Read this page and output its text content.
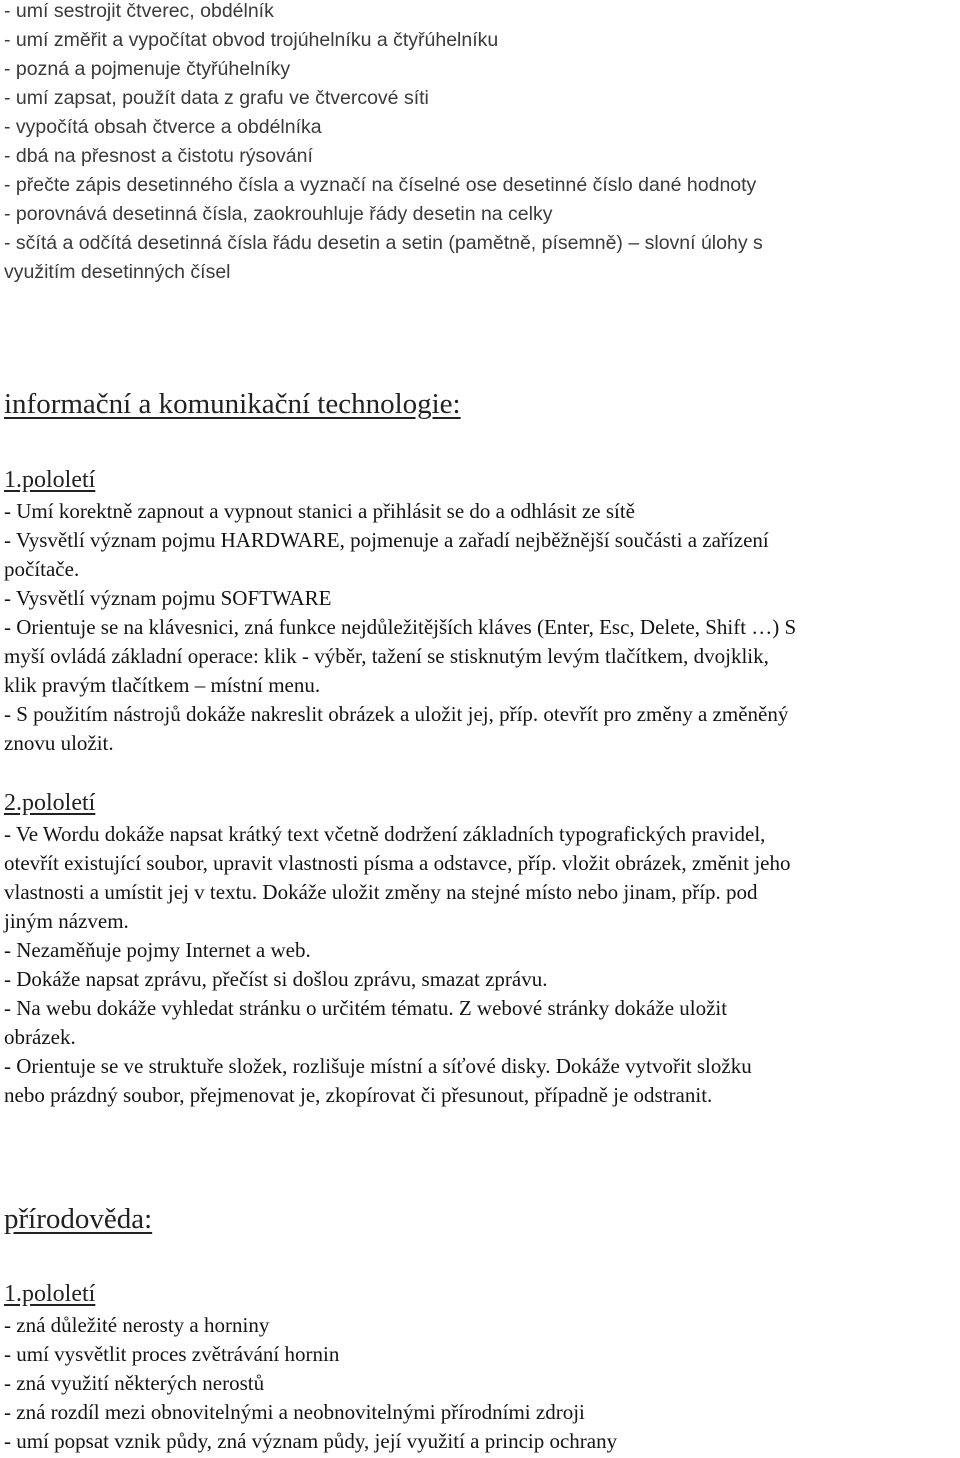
- umí sestrojit čtverec, obdélník
- umí změřit a vypočítat obvod trojúhelníku a čtyřúhelníku
- pozná a pojmenuje čtyřúhelníky
- umí zapsat, použít data z grafu ve čtvercové síti
- vypočítá obsah čtverce a obdélníka
- dbá na přesnost a čistotu rýsování
- přečte zápis desetinného čísla a vyznačí na číselné ose desetinné číslo dané hodnoty
- porovnává desetinná čísla, zaokrouhluje řády desetin na celky
- sčítá a odčítá desetinná čísla řádu desetin a setin (pamětně, písemně) – slovní úlohy s
využitím desetinných čísel
informační a komunikační technologie:
1.pololetí
- Umí korektně zapnout a vypnout stanici a přihlásit se do a odhlásit ze sítě
- Vysvětlí význam pojmu HARDWARE, pojmenuje a zařadí nejběžnější součásti a zařízení
počítače.
- Vysvětlí význam pojmu SOFTWARE
- Orientuje se na klávesnici, zná funkce nejdůležitějších kláves (Enter, Esc, Delete, Shift …) S
myší ovládá základní operace: klik - výběr, tažení se stisknutým levým tlačítkem, dvojklik,
klik pravým tlačítkem – místní menu.
- S použitím nástrojů dokáže nakreslit obrázek a uložit jej, příp. otevřít pro změny a změněný
znovu uložit.
2.pololetí
- Ve Wordu dokáže napsat krátký text včetně dodržení základních typografických pravidel,
otevřít existující soubor, upravit vlastnosti písma a odstavce, příp. vložit obrázek, změnit jeho
vlastnosti a umístit jej v textu. Dokáže uložit změny na stejné místo nebo jinam, příp. pod
jiným názvem.
- Nezaměňuje pojmy Internet a web.
- Dokáže napsat zprávu, přečíst si došlou zprávu, smazat zprávu.
- Na webu dokáže vyhledat stránku o určitém tématu. Z webové stránky dokáže uložit
obrázek.
- Orientuje se ve struktuře složek, rozlišuje místní a síťové disky. Dokáže vytvořit složku
nebo prázdný soubor, přejmenovat je, zkopírovat či přesunout, případně je odstranit.
přírodověda:
1.pololetí
- zná důležité nerosty a horniny
- umí vysvětlit proces zvětrávání hornin
- zná využití některých nerostů
- zná rozdíl mezi obnovitelnými a neobnovitelnými přírodními zdroji
- umí popsat vznik půdy, zná význam půdy, její využití a princip ochrany
